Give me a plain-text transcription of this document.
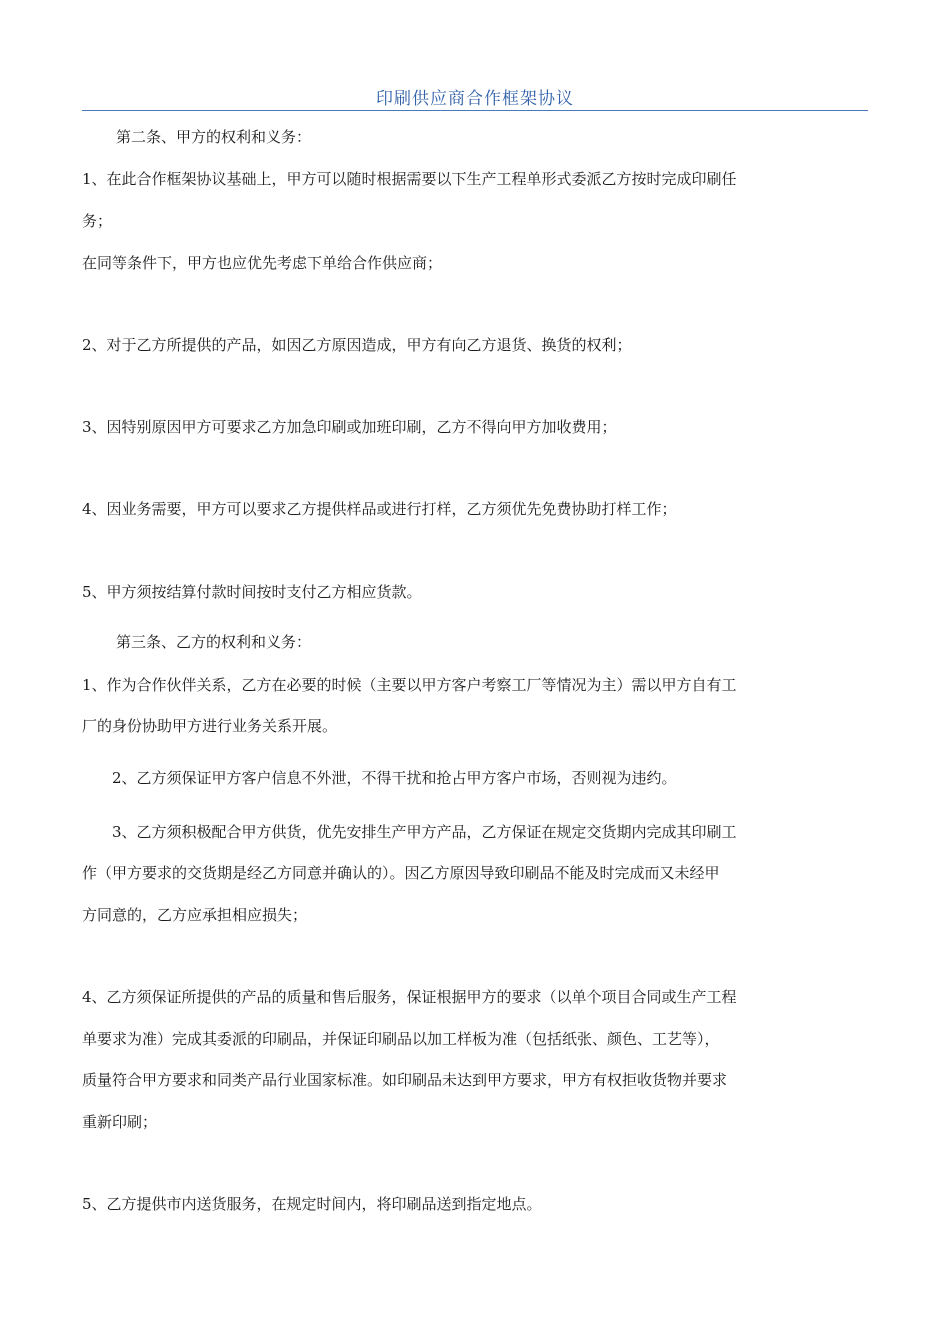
印刷供应商合作框架协议

第二条、甲方的权利和义务：

1、在此合作框架协议基础上，甲方可以随时根据需要以下生产工程单形式委派乙方按时完成印刷任

务；

在同等条件下，甲方也应优先考虑下单给合作供应商；

2、对于乙方所提供的产品，如因乙方原因造成，甲方有向乙方退货、换货的权利；

3、因特别原因甲方可要求乙方加急印刷或加班印刷，乙方不得向甲方加收费用；

4、因业务需要，甲方可以要求乙方提供样品或进行打样，乙方须优先免费协助打样工作；

5、甲方须按结算付款时间按时支付乙方相应货款。

第三条、乙方的权利和义务：

1、作为合作伙伴关系，乙方在必要的时候（主要以甲方客户考察工厂等情况为主）需以甲方自有工

厂的身份协助甲方进行业务关系开展。

2、乙方须保证甲方客户信息不外泄，不得干扰和抢占甲方客户市场，否则视为违约。

3、乙方须积极配合甲方供货，优先安排生产甲方产品，乙方保证在规定交货期内完成其印刷工

作（甲方要求的交货期是经乙方同意并确认的）。因乙方原因导致印刷品不能及时完成而又未经甲

方同意的，乙方应承担相应损失；

4、乙方须保证所提供的产品的质量和售后服务，保证根据甲方的要求（以单个项目合同或生产工程

单要求为准）完成其委派的印刷品，并保证印刷品以加工样板为准（包括纸张、颜色、工艺等），

质量符合甲方要求和同类产品行业国家标准。如印刷品未达到甲方要求，甲方有权拒收货物并要求

重新印刷；

5、乙方提供市内送货服务，在规定时间内，将印刷品送到指定地点。
